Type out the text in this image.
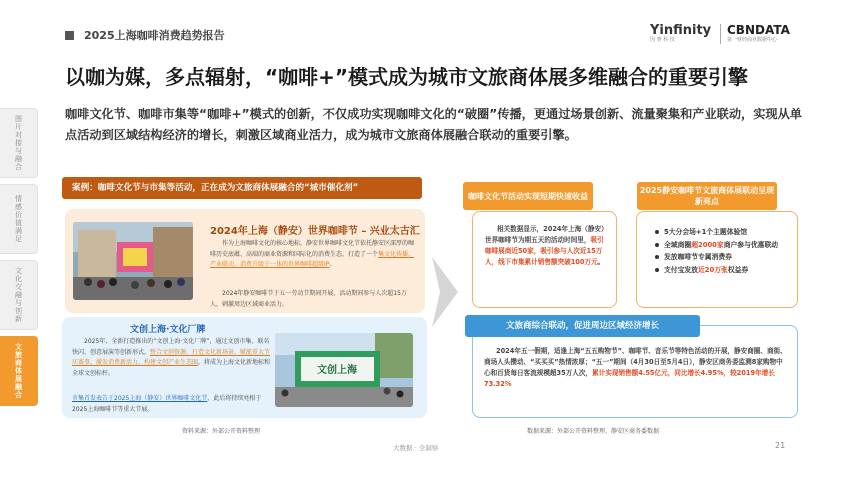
2025上海咖啡消费趋势报告	Yinfinity
因 赛 科 技
CBNDATA
第一财经商业数据中心
以咖为媒，多点辐射，“咖啡+”模式成为城市文旅商体展多维融合的重要引擎
咖啡文化节、咖啡市集等“咖啡+”模式的创新，不仅成功实现咖啡文化的“破圈”传播，更通过场景创新、流量聚集和产业联动，实现从单点活动到区域结构经济的增长，刺激区域商业活力，成为城市文旅商体展融合联动的重要引擎。
图片对接与融合
情感价值满足
文化交融与创新
文旅商体展融合
案例：咖啡文化节与市集等活动，正在成为文旅商体展融合的“城市催化剂”
2024年上海（静安）世界咖啡节 – 兴业太古汇
作为上海咖啡文化的核心地标，静安世界咖啡文化节依托静安区深厚的咖啡历史底蕴、高端的商业资源和国际化的消费生态，打造了一个集文化传播、产业联动、消费升级于一体的世界咖啡超级IP。
2024年静安咖啡节于五一劳动节期间开展，活动期间参与人次超15万人，刺激周边区域商业活力。
文创上海·文化厂牌
2025年，全新打造推出的“文创上海·文化厂牌”，通过文创市集、联名快闪、创意展演等创新形式，整合文创资源，打造文化新场景，赋能重大节庆赛事，激发消费新活力，构建文创产业生态圈，将成为上海文化新地标和全球文创标杆。
市集首发表告于2025上海（静安）世界咖啡文化节，此后将持续亮相于2025上海咖啡节等重大节展。
文创上海
资料来源：外部公开资料整理
咖啡文化节活动实现短期快速收益
相关数据显示，2024年上海（静安）世界咖啡节为期五天的活动时间里，吸引咖啡展商近50家，吸引参与人次近15万人，线下市集累计销售额突破100万元。
2025静安咖啡节文旅商体展联动呈现新亮点
5大分会场+1个主题体验馆
全域商圈超2000家商户参与优惠联动
发放咖啡节专属消费券
支付宝发放近20万张权益券
文旅商综合联动，促进周边区域经济增长
2024年五一假期，适逢上海“五五购物节”、咖啡节、音乐节等特色活动的开展，静安商圈、商街、商场人头攒动、“买买买”热情浓厚；“五一”期间（4月30日至5月4日），静安区商务委监测8家购物中心和百货每日客流规模超35万人次，累计实现销售额4.55亿元，同比增长4.95%，较2019年增长73.32%
数据来源：外部公开资料整理、静安区商务委数据
大数据 · 全洞察	21
